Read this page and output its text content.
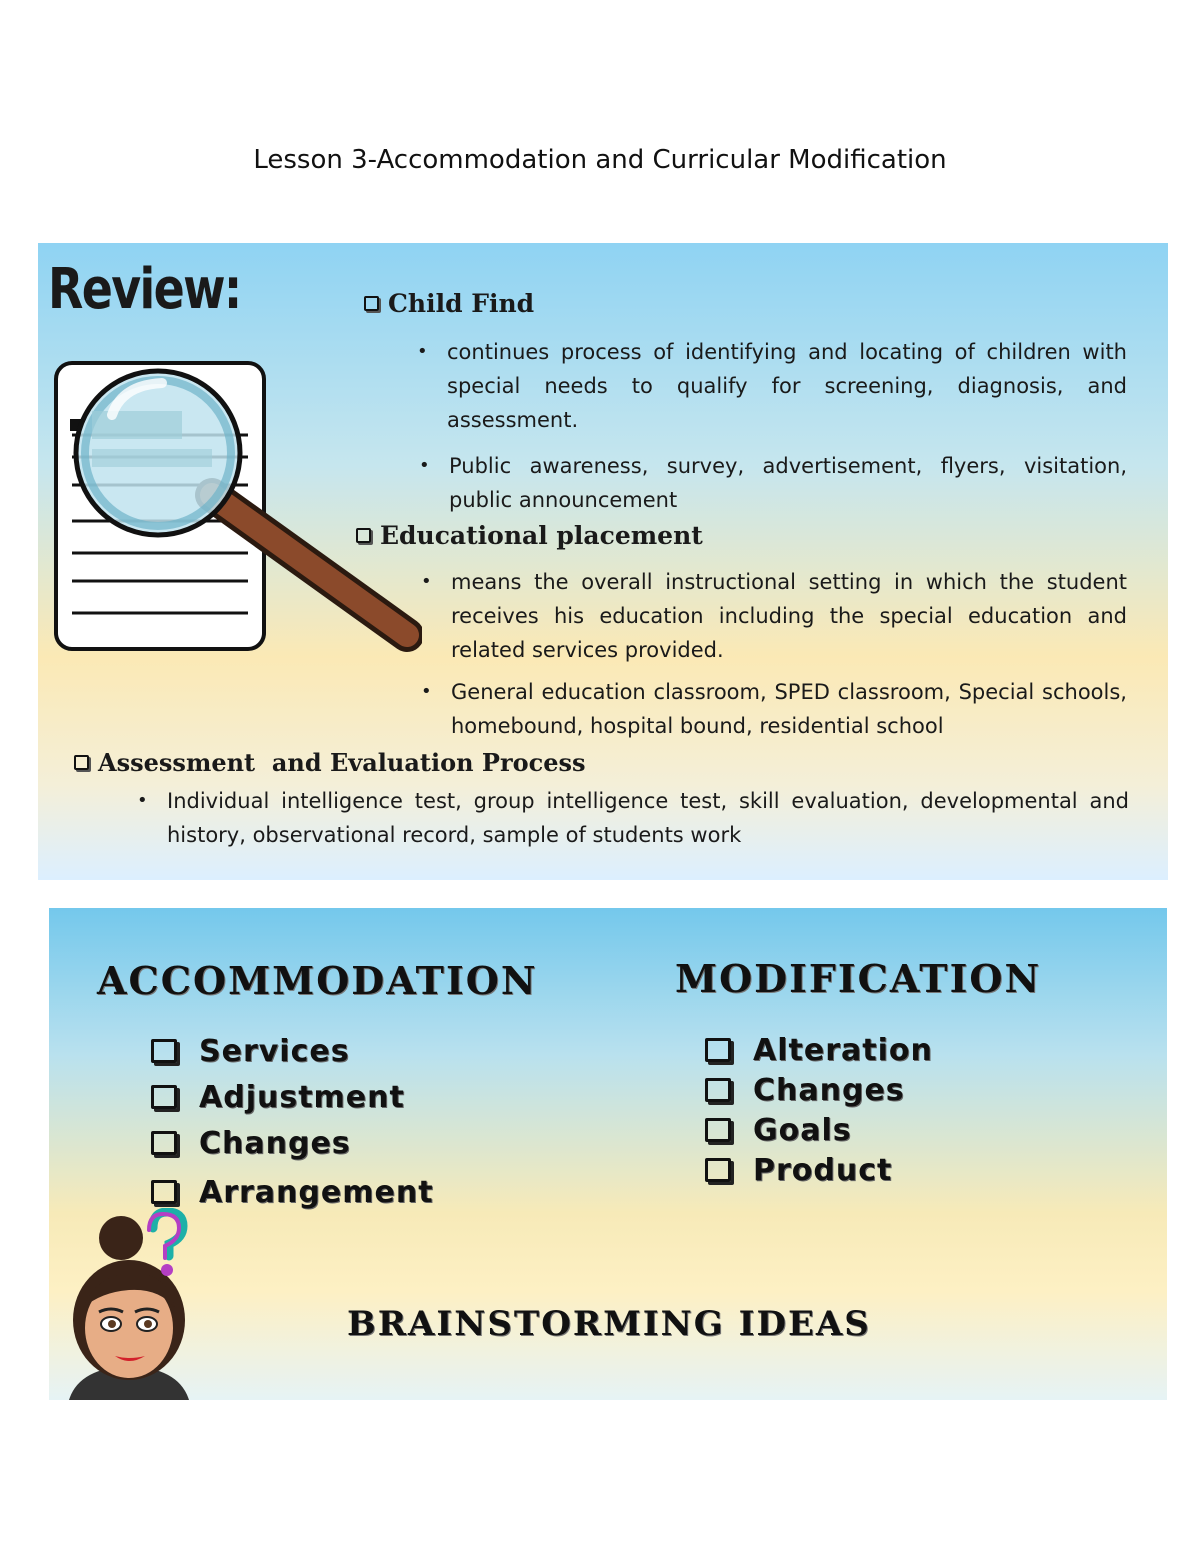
Lesson 3-Accommodation and Curricular Modification
Review:	Child Find
• continues process of identifying and locating of children with special needs to qualify for screening, diagnosis, and assessment.
• Public awareness, survey, advertisement, flyers, visitation, public announcement
Educational placement
• means the overall instructional setting in which the student receives his education including the special education and related services provided.
• General education classroom, SPED classroom, Special schools, homebound, hospital bound, residential school
Assessment  and Evaluation Process
• Individual intelligence test, group intelligence test, skill evaluation, developmental and history, observational record, sample of students work
ACCOMMODATION	MODIFICATION
Services
Adjustment
Changes
Arrangement
Alteration
Changes
Goals
Product
BRAINSTORMING IDEAS
